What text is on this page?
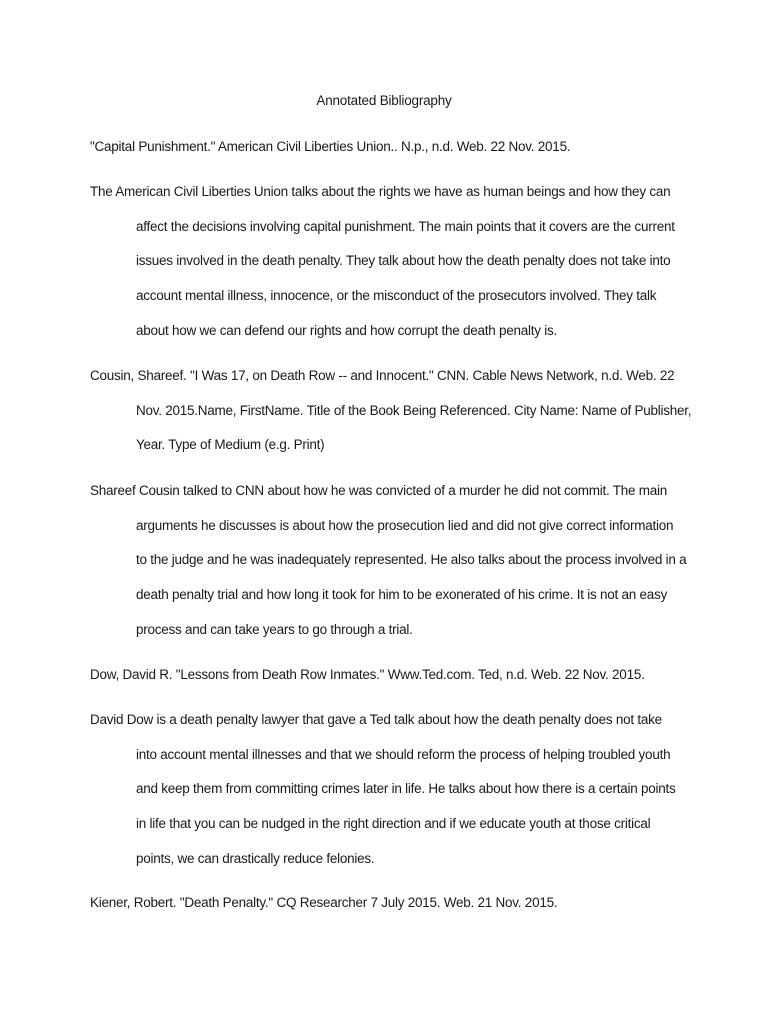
Annotated Bibliography
"Capital Punishment." American Civil Liberties Union.. N.p., n.d. Web. 22 Nov. 2015.
The American Civil Liberties Union talks about the rights we have as human beings and how they can
affect the decisions involving capital punishment. The main points that it covers are the current
issues involved in the death penalty. They talk about how the death penalty does not take into
account mental illness, innocence, or the misconduct of the prosecutors involved. They talk
about how we can defend our rights and how corrupt the death penalty is.
Cousin, Shareef. "I Was 17, on Death Row -- and Innocent." CNN. Cable News Network, n.d. Web. 22
Nov. 2015.Name, FirstName. Title of the Book Being Referenced. City Name: Name of Publisher,
Year. Type of Medium (e.g. Print)
Shareef Cousin talked to CNN about how he was convicted of a murder he did not commit. The main
arguments he discusses is about how the prosecution lied and did not give correct information
to the judge and he was inadequately represented. He also talks about the process involved in a
death penalty trial and how long it took for him to be exonerated of his crime. It is not an easy
process and can take years to go through a trial.
Dow, David R. "Lessons from Death Row Inmates." Www.Ted.com. Ted, n.d. Web. 22 Nov. 2015.
David Dow is a death penalty lawyer that gave a Ted talk about how the death penalty does not take
into account mental illnesses and that we should reform the process of helping troubled youth
and keep them from committing crimes later in life. He talks about how there is a certain points
in life that you can be nudged in the right direction and if we educate youth at those critical
points, we can drastically reduce felonies.
Kiener, Robert. "Death Penalty." CQ Researcher 7 July 2015. Web. 21 Nov. 2015.
